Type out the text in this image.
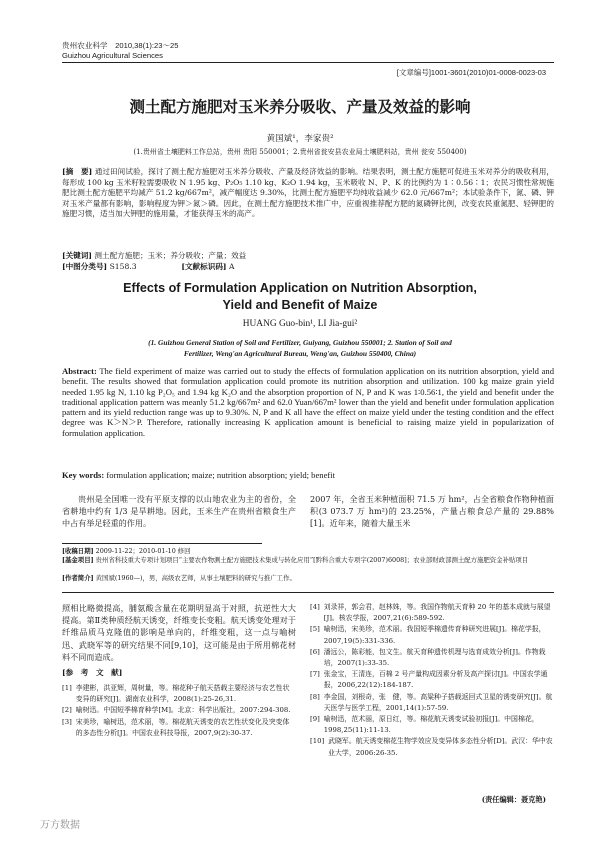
贵州农业科学　2010,38(1):23～25
Guizhou Agricultural Sciences
[文章编号]1001-3601(2010)01-0008-0023-03
测土配方施肥对玉米养分吸收、产量及效益的影响
黄国斌¹，李家贵²
(1.贵州省土壤肥料工作总站，贵州 贵阳 550001；2.贵州省瓮安县农业局土壤肥料站，贵州 瓮安 550400)
[摘　要] 通过田间试验，探讨了测土配方施肥对玉米养分吸收、产量及经济效益的影响。结果表明，测土配方施肥可促进玉米对养分的吸收利用，每形成 100 kg 玉米籽粒需要吸收 N 1.95 kg、P₂O₅ 1.10 kg、K₂O 1.94 kg，玉米吸收 N、P、K 的比例约为 1∶0.56∶1；农民习惯性常规施肥比测土配方施肥平均减产 51.2 kg/667m²，减产幅度达 9.30%，比测土配方施肥平均纯收益减少 62.0 元/667m²；本试验条件下，氮、磷、钾对玉米产量都有影响，影响程度为钾＞氮＞磷。因此，在测土配方施肥技术推广中，应重视推荐配方肥的氮磷钾比例，改变农民重氮肥、轻钾肥的施肥习惯，适当加大钾肥的施用量，才能获得玉米的高产。
[关键词] 测土配方施肥；玉米；养分吸收；产量；效益
[中图分类号] S158.3	[文献标识码] A
Effects of Formulation Application on Nutrition Absorption,
Yield and Benefit of Maize
HUANG Guo-bin¹, LI Jia-gui²
(1. Guizhou General Station of Soil and Fertilizer, Guiyang, Guizhou 550001; 2. Station of Soil and
Fertilizer, Weng'an Agricultural Bureau, Weng'an, Guizhou 550400, China)
Abstract: The field experiment of maize was carried out to study the effects of formulation application on its nutrition absorption, yield and benefit. The results showed that formulation application could promote its nutrition absorption and utilization. 100 kg maize grain yield needed 1.95 kg N, 1.10 kg P₂O₅ and 1.94 kg K₂O and the absorption proportion of N, P and K was 1∶0.56∶1, the yield and benefit under the traditional application pattern was meanly 51.2 kg/667m² and 62.0 Yuan/667m² lower than the yield and benefit under formulation application pattern and its yield reduction range was up to 9.30%. N, P and K all have the effect on maize yield under the testing condition and the effect degree was K＞N＞P. Therefore, rationally increasing K application amount is beneficial to raising maize yield in popularization of formulation application.
Key words: formulation application; maize; nutrition absorption; yield; benefit
贵州是全国唯一没有平原支撑的以山地农业为主的省份，全省耕地中约有 1/3 是旱耕地。因此，玉米生产在贵州省粮食生产中占有举足轻重的作用。
2007 年，全省玉米种植面积 71.5 万 hm²，占全省粮食作物种植面积(3 073.7 万 hm²)的 23.25%，产量占粮食总产量的 29.88%[1]。近年来，随着大量玉米
[收稿日期] 2009-11-22；2010-01-10 修回
[基金项目] 贵州省科技重大专项计划项目“主要农作物测土配方施肥技术集成与转化应用”[黔科合重大专项字(2007)6008]；农业部财政部测土配方施肥资金补贴项目
[作者简介] 黄国斌(1960—)，男，高级农艺师，从事土壤肥料的研究与推广工作。
照相比略微提高，脯氨酸含量在花期明显高于对照，抗逆性大大提高。第Ⅱ类种质经航天诱变，纤维变长变粗。航天诱变处理对于纤维品质马克隆值的影响是单向的，纤维变粗，这一点与喻树迅、武晓军等的研究结果不同[9,10]，这可能是由于所用棉花材料不同而造成。
[参　考　文　献]
[1] 李建彬，洪亚辉，周树量，等。棉花种子航天搭载主要经济与农艺性状变异的研究[J]。湖南农业科学，2008(1):25-26,31.
[2] 喻树迅。中国短季棉育种学[M]。北京：科学出版社，2007:294-308.
[3] 宋美珍，喻树迅，范术丽，等。棉花航天诱变的农艺性状变化及突变体的多态性分析[J]。中国农业科技导报，2007,9(2):30-37.
[4] 刘录祥，郭会君，赵林姝，等。我国作物航天育种 20 年的基本成就与展望[J]。核农学报，2007,21(6):589-592.
[5] 喻树迅，宋美珍，范术丽。我国短季棉遗传育种研究进展[J]。棉花学报，2007,19(5):331-336.
[6] 潘远公，陈彩能，包文生。航天育种遗传机理与选育成效分析[J]。作物栽培，2007(1):33-35.
[7] 张金宝，王清连，百棉 2 号产量构成因素分析及高产探讨[J]。中国农学通报，2006,22(12):184-187.
[8] 李金国，刘根奇，张　健，等。高粱种子搭载返回式卫星的诱变研究[J]。航天医学与医学工程，2001,14(1):57-59.
[9] 喻树迅，范术丽，原日红，等。棉花航天诱变试验初报[J]。中国棉花，1998,25(11):11-13.
[10] 武晓军。航天诱变棉花生物学效应及变异体多态性分析[D]。武汉：华中农业大学，2006:26-35.
(责任编辑：聂克艳)
万方数据
